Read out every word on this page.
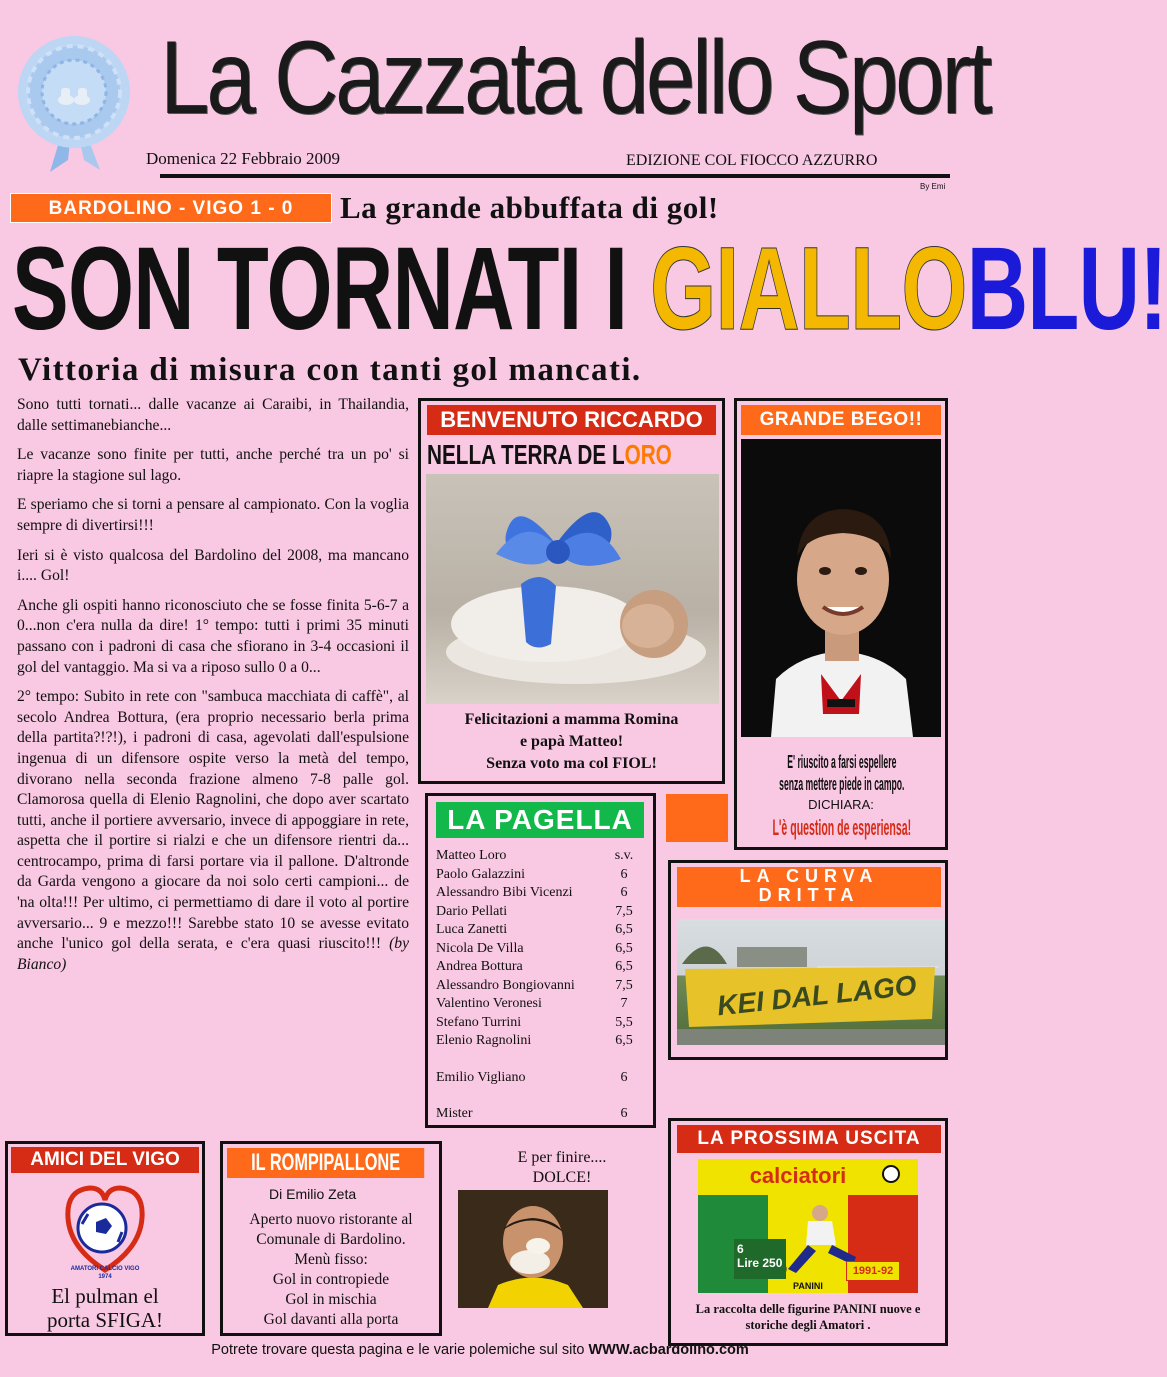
La Cazzata dello Sport
Domenica 22 Febbraio 2009	EDIZIONE COL FIOCCO AZZURRO
By Emi
BARDOLINO - VIGO 1 - 0	La grande abbuffata di gol!
SON TORNATI I GIALLOBLU!
Vittoria di misura con tanti gol mancati.

Sono tutti tornati... dalle vacanze ai Caraibi, in Thailandia, dalle settimanebianche...

Le vacanze sono finite per tutti, anche perché tra un po' si riapre la stagione sul lago.

E speriamo che si torni a pensare al campionato. Con la voglia sempre di divertirsi!!!

Ieri si è visto qualcosa del Bardolino del 2008, ma mancano i.... Gol!

Anche gli ospiti hanno riconosciuto che se fosse finita 5-6-7 a 0...non c'era nulla da dire! 1° tempo: tutti i primi 35 minuti passano con i padroni di casa che sfiorano in 3-4 occasioni il gol del vantaggio. Ma si va a riposo sullo 0 a 0...

2° tempo: Subito in rete con "sambuca macchiata di caffè", al secolo Andrea Bottura, (era proprio necessario berla prima della partita?!?!), i padroni di casa, agevolati dall'espulsione ingenua di un difensore ospite verso la metà del tempo, divorano nella seconda frazione almeno 7-8 palle gol. Clamorosa quella di Elenio Ragnolini, che dopo aver scartato tutti, anche il portiere avversario, invece di appoggiare in rete, aspetta che il portire si rialzi e che un difensore rientri da... centrocampo, prima di farsi portare via il pallone. D'altronde da Garda vengono a giocare da noi solo certi campioni... de 'na olta!!! Per ultimo, ci permettiamo di dare il voto al portire avversario... 9 e mezzo!!! Sarebbe stato 10 se avesse evitato anche l'unico gol della serata, e c'era quasi riuscito!!! (by Bianco)

BENVENUTO RICCARDO
NELLA TERRA DE LORO

Felicitazioni a mamma Romina

e papà Matteo!

Senza voto ma col FIOL!

GRANDE BEGO!!

E' riuscito a farsi espellere

senza mettere piede in campo.

DICHIARA:
L'è question de esperiensa!
LA PAGELLA
Matteo Loro	s.v.
Paolo Galazzini	6
Alessandro Bibi Vicenzi	6
Dario Pellati	7,5
Luca Zanetti	6,5
Nicola De Villa	6,5
Andrea Bottura	6,5
Alessandro Bongiovanni	7,5
Valentino Veronesi	7
Stefano Turrini	5,5
Elenio Ragnolini	6,5
Emilio Vigliano	6
Mister	6

LA CURVA

DRITTA

KEI DAL LAGO
LA PROSSIMA USCITA
calciatori

6

Lire 250

1991-92
PANINI
La raccolta delle figurine PANINI nuove e storiche degli Amatori .
AMICI DEL VIGO
AMATORI CALCIO VIGO
1974

El pulman el

porta SFIGA!

IL ROMPIPALLONE
Di Emilio Zeta

Aperto nuovo ristorante al

Comunale di Bardolino.

Menù fisso:

Gol in contropiede

Gol in mischia

Gol davanti alla porta

E per finire....

DOLCE!

Potrete trovare questa pagina e le varie polemiche sul sito WWW.acbardolino.com
